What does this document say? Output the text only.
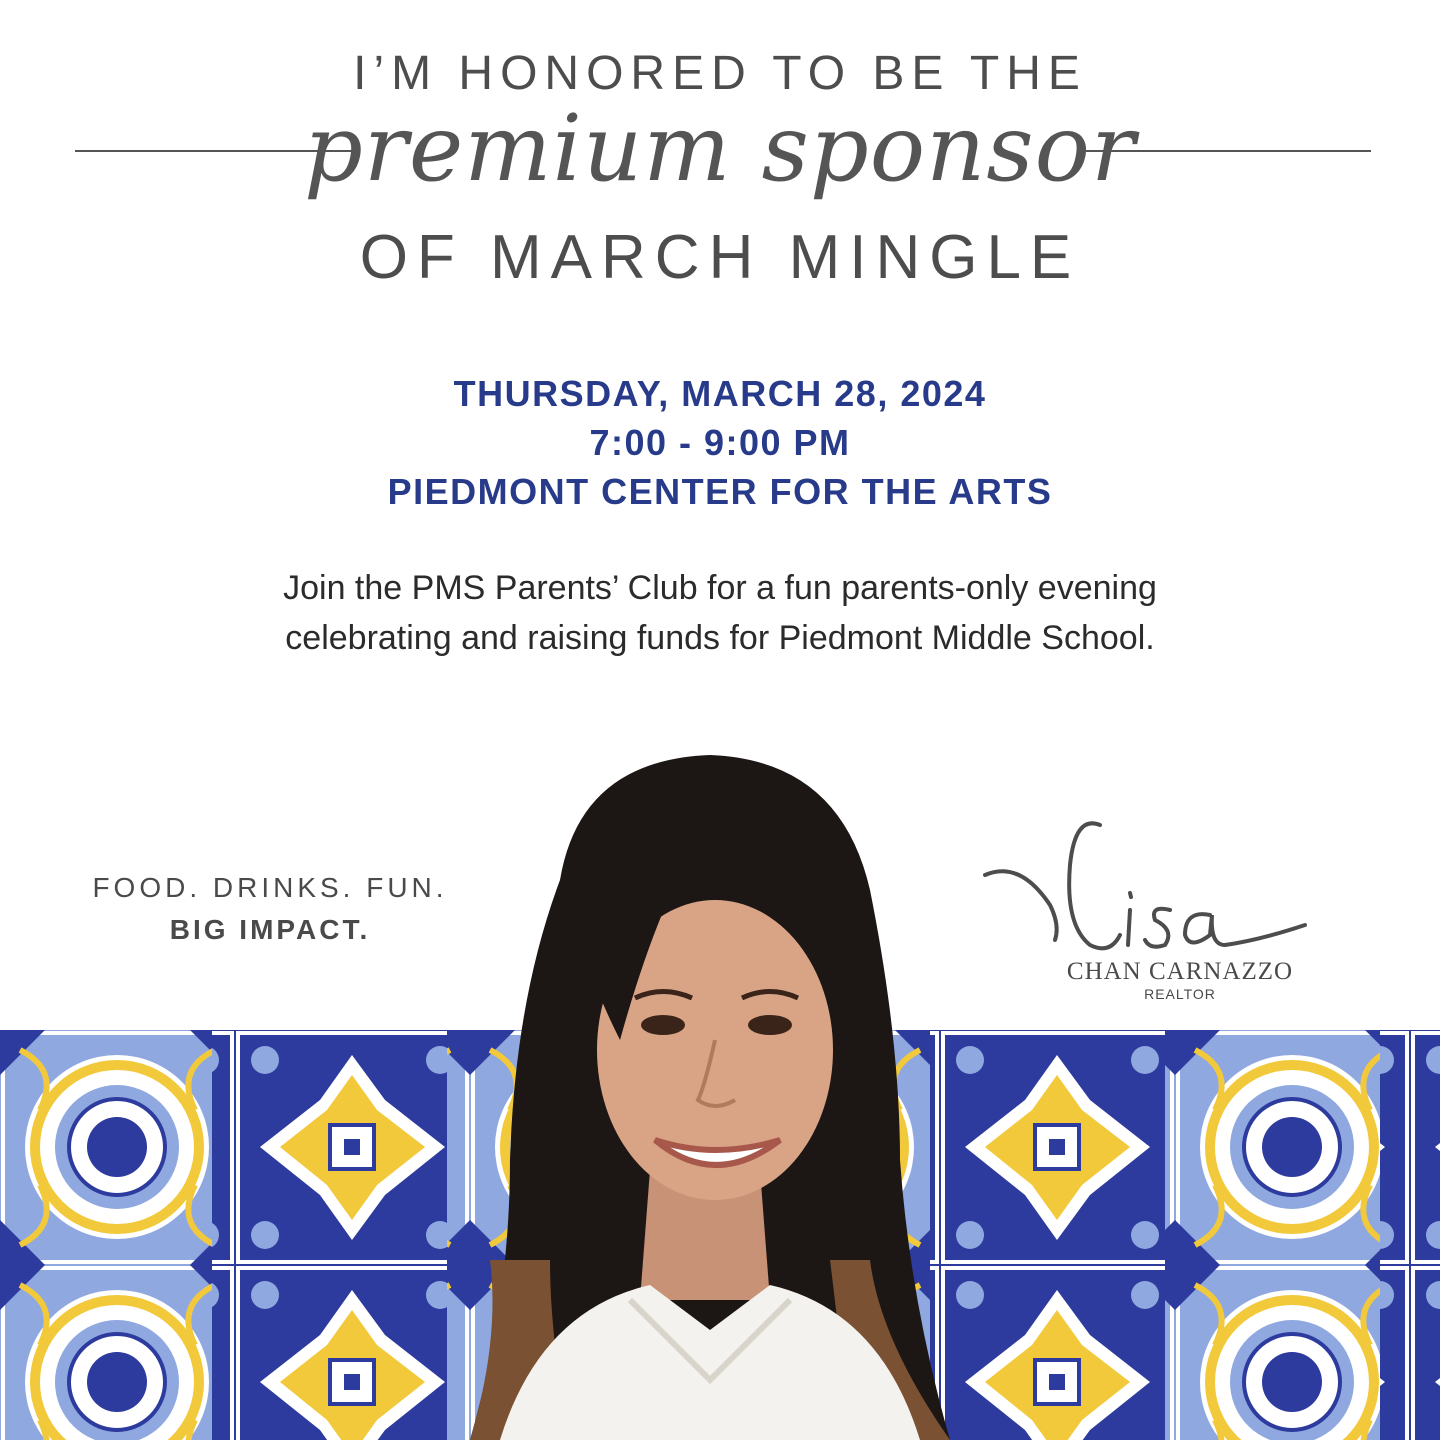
I’M HONORED TO BE THE
premium sponsor
OF MARCH MINGLE
THURSDAY, MARCH 28, 2024
7:00 - 9:00 PM
PIEDMONT CENTER FOR THE ARTS
Join the PMS Parents’ Club for a fun parents-only evening
celebrating and raising funds for Piedmont Middle School.
FOOD. DRINKS. FUN.
BIG IMPACT.
CHAN CARNAZZO
REALTOR
